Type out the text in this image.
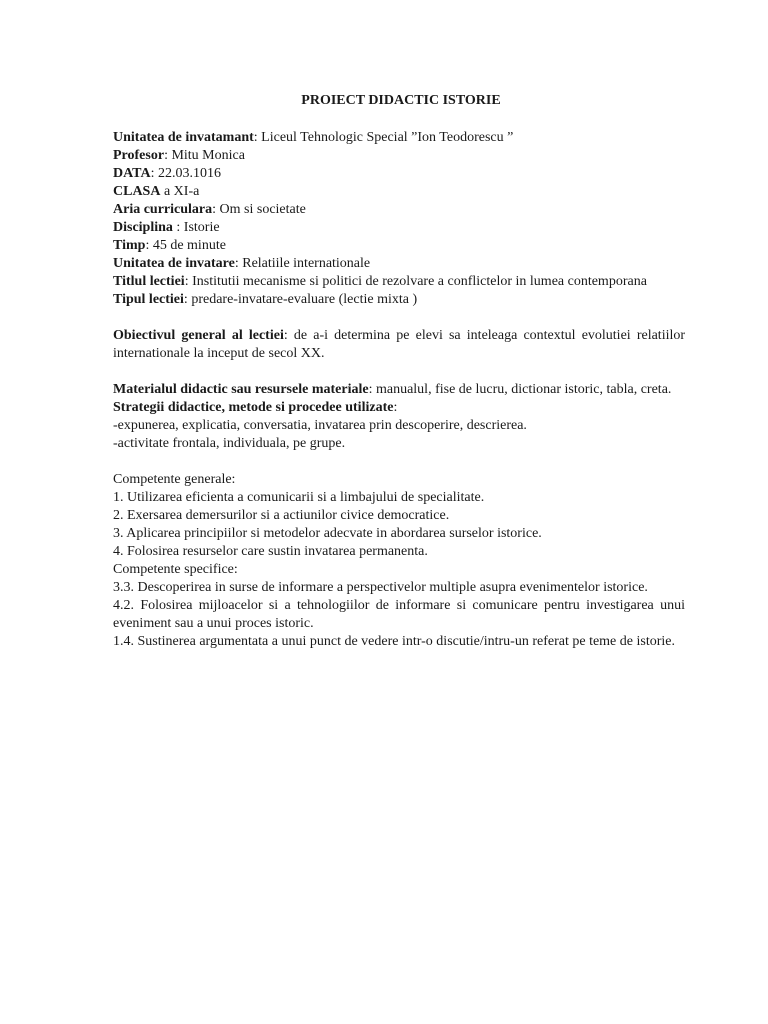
PROIECT DIDACTIC ISTORIE

Unitatea de invatamant: Liceul Tehnologic Special ”Ion Teodorescu ”

Profesor: Mitu Monica

DATA: 22.03.1016

CLASA a XI-a

Aria curriculara: Om si societate

Disciplina : Istorie

Timp: 45 de minute

Unitatea de invatare: Relatiile internationale

Titlul lectiei: Institutii mecanisme si politici de rezolvare a conflictelor in lumea contemporana

Tipul lectiei: predare-invatare-evaluare (lectie mixta )

Obiectivul general al lectiei: de a-i determina pe elevi sa inteleaga contextul evolutiei relatiilor internationale la inceput de secol XX.

Materialul didactic sau resursele materiale: manualul, fise de lucru, dictionar istoric, tabla, creta.

Strategii didactice, metode si procedee utilizate:

-expunerea, explicatia, conversatia, invatarea prin descoperire, descrierea.

-activitate frontala, individuala, pe grupe.

Competente generale:

1. Utilizarea eficienta a comunicarii si a limbajului de specialitate.

2. Exersarea demersurilor si a actiunilor civice democratice.

3. Aplicarea principiilor si metodelor adecvate in abordarea surselor istorice.

4. Folosirea resurselor care sustin invatarea permanenta.

Competente specifice:

3.3. Descoperirea in surse de informare a perspectivelor multiple asupra evenimentelor istorice.

4.2. Folosirea mijloacelor si a tehnologiilor de informare si comunicare pentru investigarea unui eveniment sau a unui proces istoric.

1.4. Sustinerea argumentata a unui punct de vedere intr-o discutie/intru-un referat pe teme de istorie.
